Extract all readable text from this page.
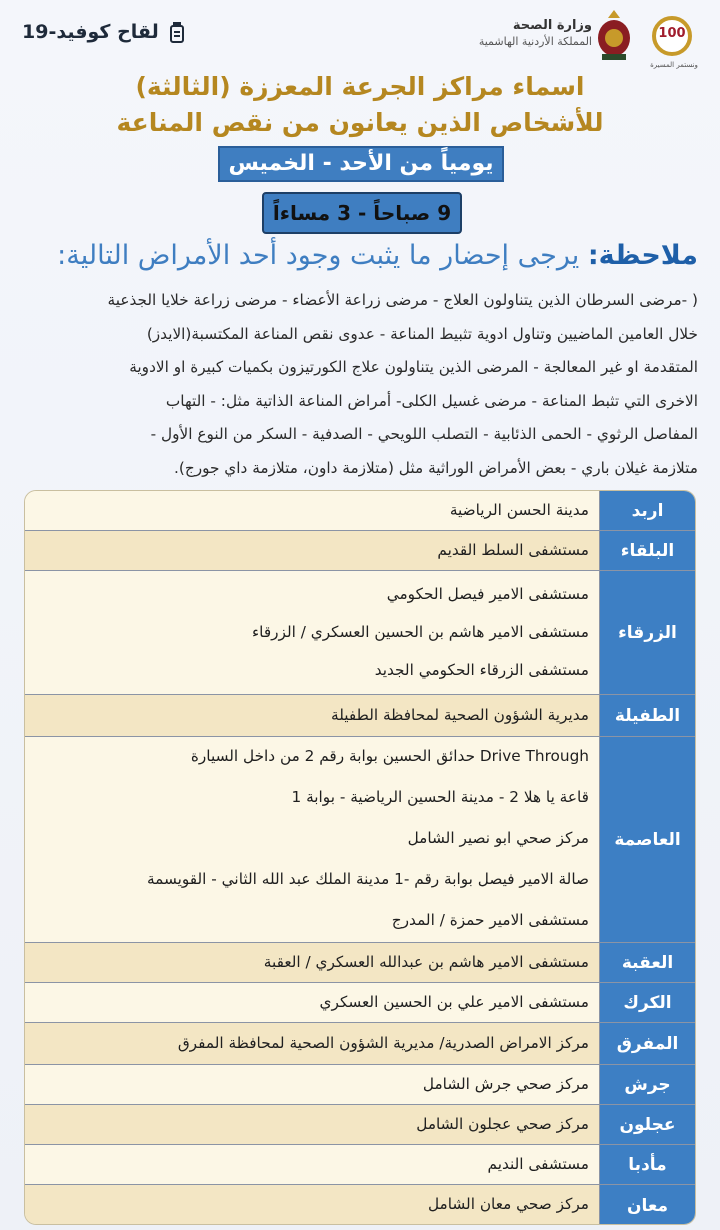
100
ونستمر المسيرة
وزارة الصحة
المملكة الأردنية الهاشمية
لقاح كوفيد-19
اسماء مراكز الجرعة المعززة (الثالثة)
للأشخاص الذين يعانون من نقص المناعة
يومياً من الأحد - الخميس
9 صباحاً - 3 مساءاً
ملاحظة: يرجى إحضار ما يثبت وجود أحد الأمراض التالية:
( -مرضى السرطان الذين يتناولون العلاج - مرضى زراعة الأعضاء - مرضى زراعة خلايا الجذعية
خلال العامين الماضيين وتناول ادوية تثبيط المناعة - عدوى نقص المناعة المكتسبة(الايدز)
المتقدمة او غير المعالجة - المرضى الذين يتناولون علاج الكورتيزون بكميات كبيرة او الادوية
الاخرى التي تثبط المناعة - مرضى غسيل الكلى- أمراض المناعة الذاتية مثل: - التهاب
المفاصل الرثوي - الحمى الذئابية - التصلب اللويحي - الصدفية - السكر من النوع الأول -
متلازمة غيلان باري - بعض الأمراض الوراثية مثل (متلازمة داون، متلازمة داي جورج).
اربد
مدينة الحسن الرياضية
البلقاء
مستشفى السلط القديم
الزرقاء
مستشفى الامير فيصل الحكومي
مستشفى الامير هاشم بن الحسين العسكري / الزرقاء
مستشفى الزرقاء الحكومي الجديد
الطفيلة
مديرية الشؤون الصحية لمحافظة الطفيلة
العاصمة
حدائق الحسين بوابة رقم 2 من داخل السيارة Drive Through
قاعة يا هلا 2 - مدينة الحسين الرياضية - بوابة 1
مركز صحي ابو نصير الشامل
صالة الامير فيصل بوابة رقم -1 مدينة الملك عبد الله الثاني - القويسمة
مستشفى الامير حمزة / المدرج
العقبة
مستشفى الامير هاشم بن عبدالله العسكري / العقبة
الكرك
مستشفى الامير علي بن الحسين العسكري
المفرق
مركز الامراض الصدرية/ مديرية الشؤون الصحية لمحافظة المفرق
جرش
مركز صحي جرش الشامل
عجلون
مركز صحي عجلون الشامل
مأدبا
مستشفى النديم
معان
مركز صحي معان الشامل
